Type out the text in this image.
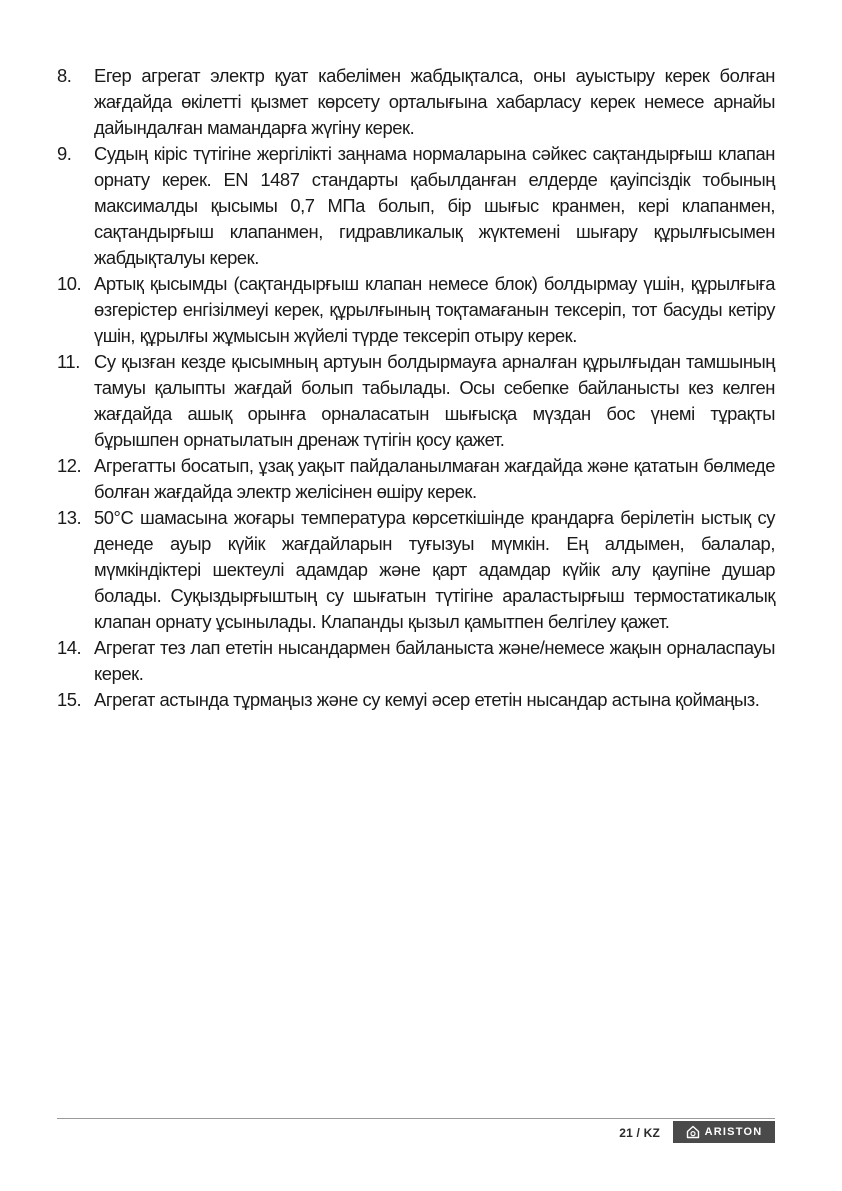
8.	Егер агрегат электр қуат кабелімен жабдықталса, оны ауыстыру керек болған жағдайда өкілетті қызмет көрсету орталығына хабарласу керек немесе арнайы дайындалған мамандарға жүгіну керек.
9.	Судың кіріс түтігіне жергілікті заңнама нормаларына сәйкес сақтандырғыш клапан орнату керек. EN 1487 стандарты қабылданған елдерде қауіпсіздік тобының максималды қысымы 0,7 МПа болып, бір шығыс кранмен, кері клапанмен, сақтандырғыш клапанмен, гидравликалық жүктемені шығару құрылғысымен жабдықталуы керек.
10. Артық қысымды (сақтандырғыш клапан немесе блок) болдырмау үшін, құрылғыға өзгерістер енгізілмеуі керек, құрылғының тоқтамағанын тексеріп, тот басуды кетіру үшін, құрылғы жұмысын жүйелі түрде тексеріп отыру керек.
11. Су қызған кезде қысымның артуын болдырмауға арналған құрылғыдан тамшының тамуы қалыпты жағдай болып табылады. Осы себепке байланысты кез келген жағдайда ашық орынға орналасатын шығысқа мүздан бос үнемі тұрақты бұрышпен орнатылатын дренаж түтігін қосу қажет.
12. Агрегатты босатып, ұзақ уақыт пайдаланылмаған жағдайда және қататын бөлмеде болған жағдайда электр желісінен өшіру керек.
13. 50°C шамасына жоғары температура көрсеткішінде крандарға берілетін ыстық су денеде ауыр күйік жағдайларын туғызуы мүмкін. Ең алдымен, балалар, мүмкіндіктері шектеулі адамдар және қарт адамдар күйік алу қаупіне душар болады. Суқыздырғыштың су шығатын түтігіне араластырғыш термостатикалық клапан орнату ұсынылады. Клапанды қызыл қамытпен белгілеу қажет.
14. Агрегат тез лап ететін нысандармен байланыста және/немесе жақын орналаспауы керек.
15. Агрегат астында тұрмаңыз және су кемуі әсер ететін нысандар астына қоймаңыз.
21 / KZ	ARISTON
